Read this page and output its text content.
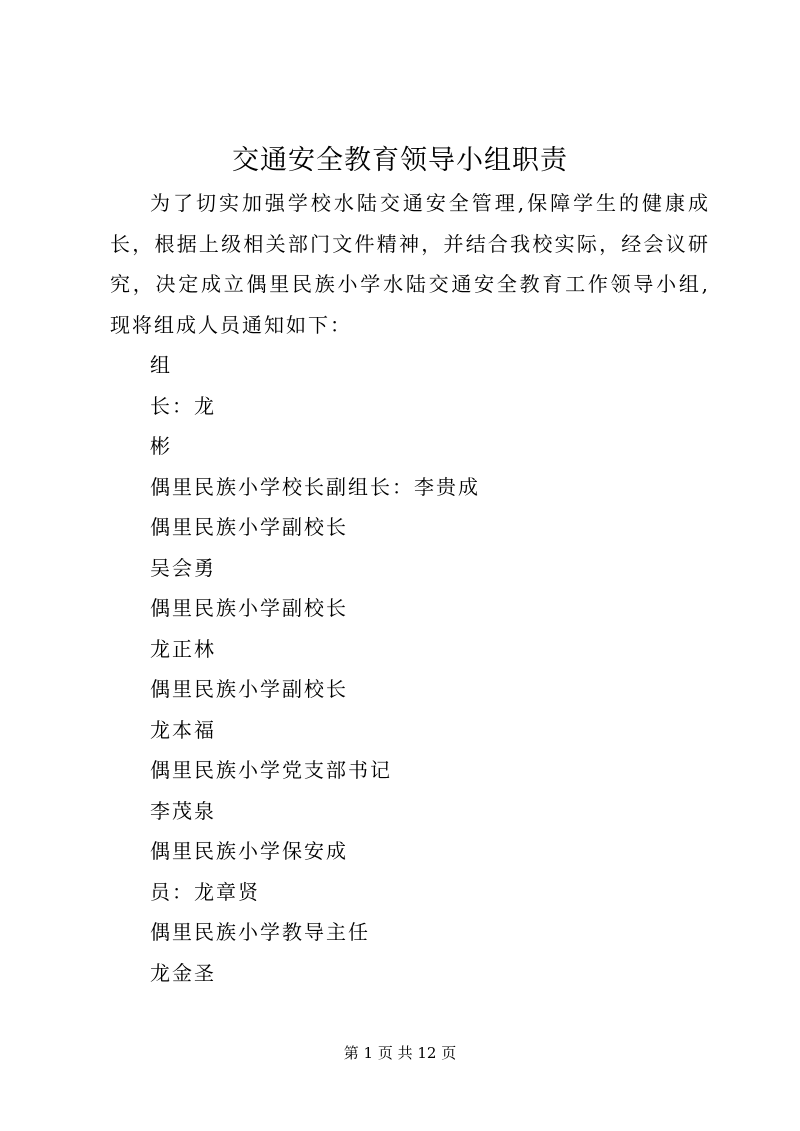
交通安全教育领导小组职责

为了切实加强学校水陆交通安全管理,保障学生的健康成长，根据上级相关部门文件精神，并结合我校实际，经会议研究，决定成立偶里民族小学水陆交通安全教育工作领导小组,现将组成人员通知如下：

组

长：龙

彬

偶里民族小学校长副组长：李贵成

偶里民族小学副校长

吴会勇

偶里民族小学副校长

龙正林

偶里民族小学副校长

龙本福

偶里民族小学党支部书记

李茂泉

偶里民族小学保安成

员：龙章贤

偶里民族小学教导主任

龙金圣

第 1 页 共 12 页
